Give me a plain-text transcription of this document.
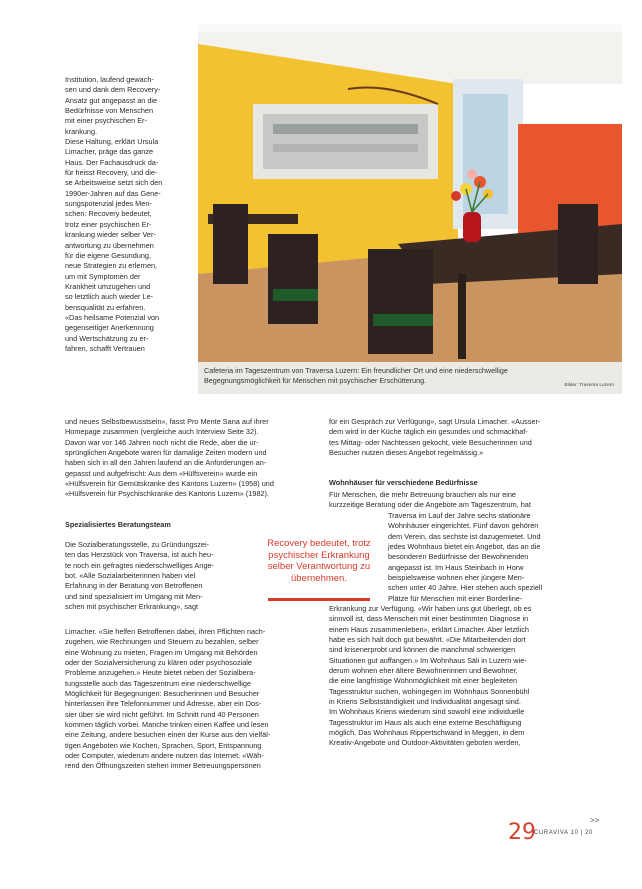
Cafeteria im Tageszentrum von Traversa Luzern: Ein freundlicher Ort und eine niederschwellige Begegnungsmöglichkeit für Menschen mit psychischer Erschütterung.

Bilder: Traversa Luzern

Institution, laufend gewach-

sen und dank dem Recovery-

Ansatz gut angepasst an die

Bedürfnisse von Menschen

mit einer psychischen Er-

krankung.

Diese Haltung, erklärt Ursula

Limacher, präge das ganze

Haus. Der Fachausdruck da-

für heisst Recovery, und die-

se Arbeitsweise setzt sich den

1990er-Jahren auf das Gene-

sungspotenzial jedes Men-

schen: Recovery bedeutet,

trotz einer psychischen Er-

krankung wieder selber Ver-

antwortung zu übernehmen

für die eigene Gesundung,

neue Strategien zu erlernen,

um mit Symptomen der

Krankheit umzugehen und

so letztlich auch wieder Le-

bensqualität zu erfahren.

«Das heilsame Potenzial von

gegenseitiger Anerkennung

und Wertschätzung zu er-

fahren, schafft Vertrauen

und neues Selbstbewusstsein», fasst Pro Mente Sana auf ihrer

Homepage zusammen (vergleiche auch Interview Seite 32).

Davon war vor 146 Jahren noch nicht die Rede, aber die ur-

sprünglichen Angebote waren für damalige Zeiten modern und

haben sich in all den Jahren laufend an die Anforderungen an-

gepasst und aufgefrischt: Aus dem «Hülfsverein» wurde ein

«Hülfsverein für Gemütskranke des Kantons Luzern» (1958) und

«Hülfsverein für Psychischkranke des Kantons Luzern» (1982).

für ein Gespräch zur Verfügung», sagt Ursula Limacher. «Ausser-

dem wird in der Küche täglich ein gesundes und schmackhaf-

tes Mittag- oder Nachtessen gekocht, viele Besucherinnen und

Besucher nutzen dieses Angebot regelmässig.»

Spezialisiertes Beratungsteam

Die Sozialberatungsstelle, zu Gründungszei-

ten das Herzstück von Traversa, ist auch heu-

te noch ein gefragtes niederschwelliges Ange-

bot. «Alle Sozialarbeiterinnen haben viel

Erfahrung in der Beratung von Betroffenen

und sind spezialisiert im Umgang mit Men-

schen mit psychischer Erkrankung», sagt

Recovery bedeutet, trotz psychischer Erkrankung selber Verantwortung zu übernehmen.

Limacher. «Sie helfen Betroffenen dabei, ihren Pflichten nach-

zugehen, wie Rechnungen und Steuern zu bezahlen, selber

eine Wohnung zu mieten, Fragen im Umgang mit Behörden

oder der Sozialversicherung zu klären oder psychosoziale

Probleme anzugehen.» Heute bietet neben der Sozialbera-

tungsstelle auch das Tageszentrum eine niederschwellige

Möglichkeit für Begegnungen: Besucherinnen und Besucher

hinterlassen ihre Telefonnummer und Adresse, aber ein Dos-

sier über sie wird nicht geführt. Im Schnitt rund 40 Personen

kommen täglich vorbei. Manche trinken einen Kaffee und lesen

eine Zeitung, andere besuchen einen der Kurse aus den vielfäl-

tigen Angeboten wie Kochen, Sprachen, Sport, Entspannung

oder Computer, wiederum andere nutzen das Internet. «Wäh-

rend den Öffnungszeiten stehen immer Betreuungspersonen

Wohnhäuser für verschiedene Bedürfnisse

Für Menschen, die mehr Betreuung brauchen als nur eine

kurzzeitige Beratung oder die Angebote am Tageszentrum, hat

Traversa im Lauf der Jahre sechs stationäre

Wohnhäuser eingerichtet. Fünf davon gehören

dem Verein, das sechste ist dazugemietet. Und

jedes Wohnhaus bietet ein Angebot, das an die

besonderen Bedürfnisse der Bewohnenden

angepasst ist. Im Haus Steinbach in Horw

beispielsweise wohnen eher jüngere Men-

schen unter 40 Jahre. Hier stehen auch speziell

Plätze für Menschen mit einer Borderline-

Erkrankung zur Verfügung. «Wir haben uns gut überlegt, ob es

sinnvoll ist, dass Menschen mit einer bestimmten Diagnose in

einem Haus zusammenleben», erklärt Limacher. Aber letztlich

habe es sich halt doch gut bewährt. «Die Mitarbeitenden dort

sind krisenerprobt und können die manchmal schwierigen

Situationen gut auffangen.» Im Wohnhaus Säli in Luzern wie-

derum wohnen eher ältere Bewohnerinnen und Bewohner,

die eine langfristige Wohnmöglichkeit mit einer begleiteten

Tagesstruktur suchen, wohingegen im Wohnhaus Sonnenbühl

in Kriens Selbstständigkeit und Individualität angesagt sind.

Im Wohnhaus Kriens wiederum sind sowohl eine individuelle

Tagesstruktur im Haus als auch eine externe Beschäftigung

möglich. Das Wohnhaus Rippertschwand in Meggen, in dem

Kreativ-Angebote und Outdoor-Aktivitäten geboten werden,

29
CURAVIVA 10 | 20
>>
